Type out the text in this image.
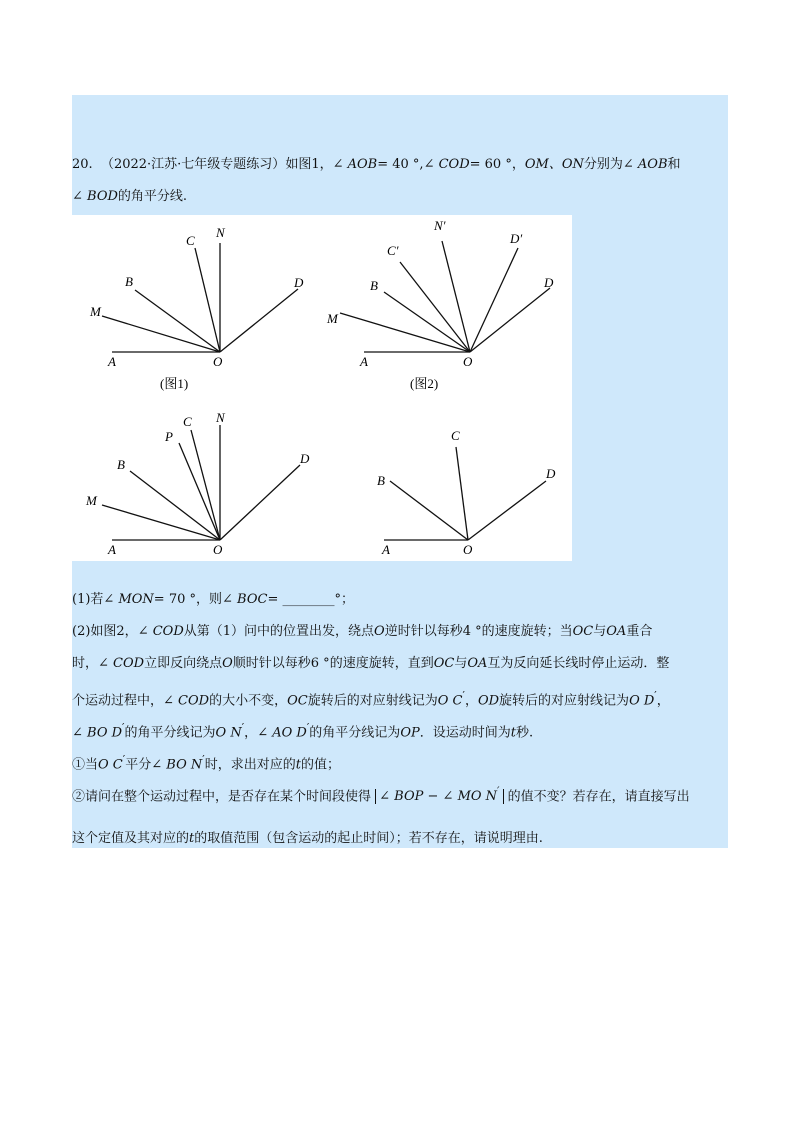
20. （2022·江苏·七年级专题练习）如图1，∠ AOB= 40 °,∠ COD= 60 °，OM、ON分别为∠ AOB和
∠ BOD的角平分线.
A	O
M
B
C
N
D
(图1)
A	O
M
B
C′
N′
D′
D
(图2)
A	O
M
B
P
C N
D
A	O
B
C
D
(1)若∠ MON= 70 °，则∠ BOC= ________°；
(2)如图2，∠ COD从第（1）问中的位置出发，绕点O逆时针以每秒4 °的速度旋转；当OC与OA重合
时，∠ COD立即反向绕点O顺时针以每秒6 °的速度旋转，直到OC与OA互为反向延长线时停止运动．整
个运动过程中，∠ COD的大小不变，OC旋转后的对应射线记为O C′，OD旋转后的对应射线记为O D′，
∠ BO D′的角平分线记为O N′，∠ AO D′的角平分线记为OP．设运动时间为t秒.
①当O C′平分∠ BO N′时，求出对应的t的值；
②请问在整个运动过程中，是否存在某个时间段使得 ∠ BOP − ∠ MO N′ 的值不变？若存在，请直接写出
这个定值及其对应的t的取值范围（包含运动的起止时间）；若不存在，请说明理由.
